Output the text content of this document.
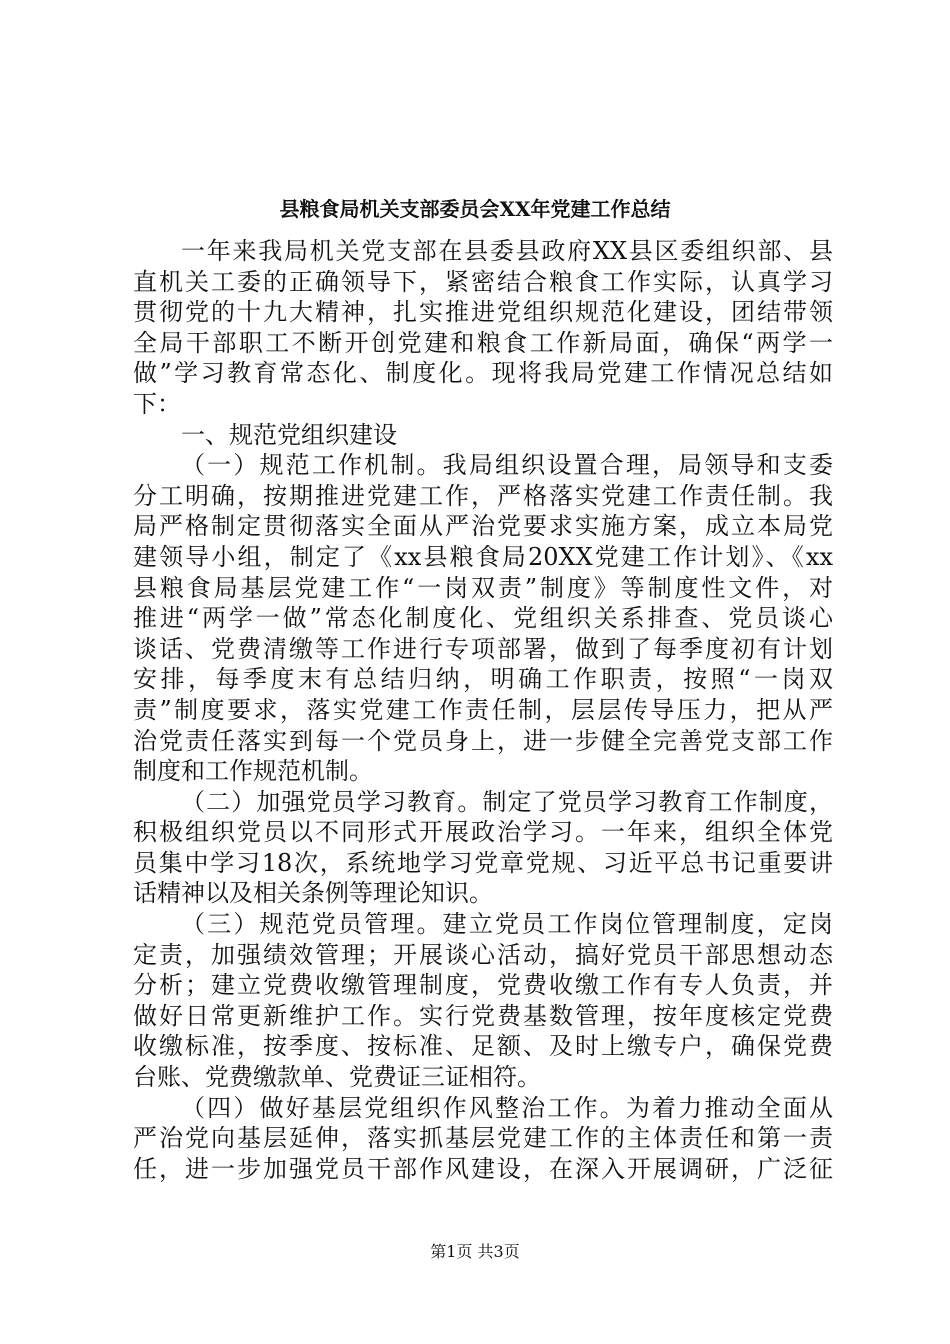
县粮食局机关支部委员会XX年党建工作总结
一年来我局机关党支部在县委县政府XX县区委组织部、县
直机关工委的正确领导下，紧密结合粮食工作实际，认真学习
贯彻党的十九大精神，扎实推进党组织规范化建设，团结带领
全局干部职工不断开创党建和粮食工作新局面，确保“两学一
做”学习教育常态化、制度化。现将我局党建工作情况总结如
下：
一、规范党组织建设
（一）规范工作机制。我局组织设置合理，局领导和支委
分工明确，按期推进党建工作，严格落实党建工作责任制。我
局严格制定贯彻落实全面从严治党要求实施方案，成立本局党
建领导小组，制定了《xx县粮食局20XX党建工作计划》、《xx
县粮食局基层党建工作“一岗双责”制度》等制度性文件，对
推进“两学一做”常态化制度化、党组织关系排查、党员谈心
谈话、党费清缴等工作进行专项部署，做到了每季度初有计划
安排，每季度末有总结归纳，明确工作职责，按照“一岗双
责”制度要求，落实党建工作责任制，层层传导压力，把从严
治党责任落实到每一个党员身上，进一步健全完善党支部工作
制度和工作规范机制。
（二）加强党员学习教育。制定了党员学习教育工作制度，
积极组织党员以不同形式开展政治学习。一年来，组织全体党
员集中学习18次，系统地学习党章党规、习近平总书记重要讲
话精神以及相关条例等理论知识。
（三）规范党员管理。建立党员工作岗位管理制度，定岗
定责，加强绩效管理；开展谈心活动，搞好党员干部思想动态
分析；建立党费收缴管理制度，党费收缴工作有专人负责，并
做好日常更新维护工作。实行党费基数管理，按年度核定党费
收缴标准，按季度、按标准、足额、及时上缴专户，确保党费
台账、党费缴款单、党费证三证相符。
（四）做好基层党组织作风整治工作。为着力推动全面从
严治党向基层延伸，落实抓基层党建工作的主体责任和第一责
任，进一步加强党员干部作风建设，在深入开展调研，广泛征
第1页 共3页
